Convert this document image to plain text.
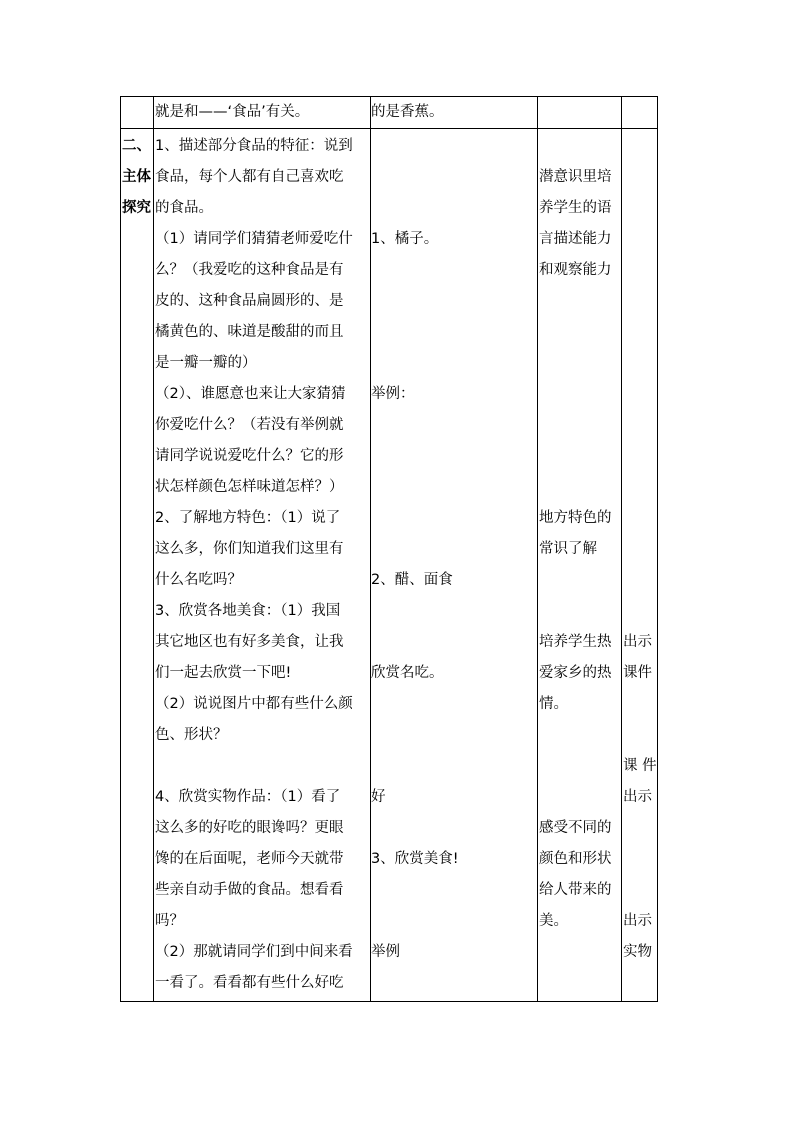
就是和——‘食品’有关。	的是香蕉。

二、

主体

探究

1、描述部分食品的特征：说到

食品，每个人都有自己喜欢吃

的食品。

（1）请同学们猜猜老师爱吃什

么？（我爱吃的这种食品是有

皮的、这种食品扁圆形的、是

橘黄色的、味道是酸甜的而且

是一瓣一瓣的）

（2）、谁愿意也来让大家猜猜

你爱吃什么？（若没有举例就

请同学说说爱吃什么？它的形

状怎样颜色怎样味道怎样？）

2、了解地方特色：（1）说了

这么多，你们知道我们这里有

什么名吃吗？

3、欣赏各地美食：（1）我国

其它地区也有好多美食，让我

们一起去欣赏一下吧!

（2）说说图片中都有些什么颜

色、形状？

4、欣赏实物作品：（1）看了

这么多的好吃的眼谗吗？更眼

馋的在后面呢，老师今天就带

些亲自动手做的食品。想看看

吗？

（2）那就请同学们到中间来看

一看了。看看都有些什么好吃

1、橘子。

举例：

2、醋、面食

欣赏名吃。

好

3、欣赏美食!

举例

潜意识里培

养学生的语

言描述能力

和观察能力

地方特色的

常识了解

培养学生热

爱家乡的热

情。

感受不同的

颜色和形状

给人带来的

美。

出示

课件

课 件

出示

出示

实物
